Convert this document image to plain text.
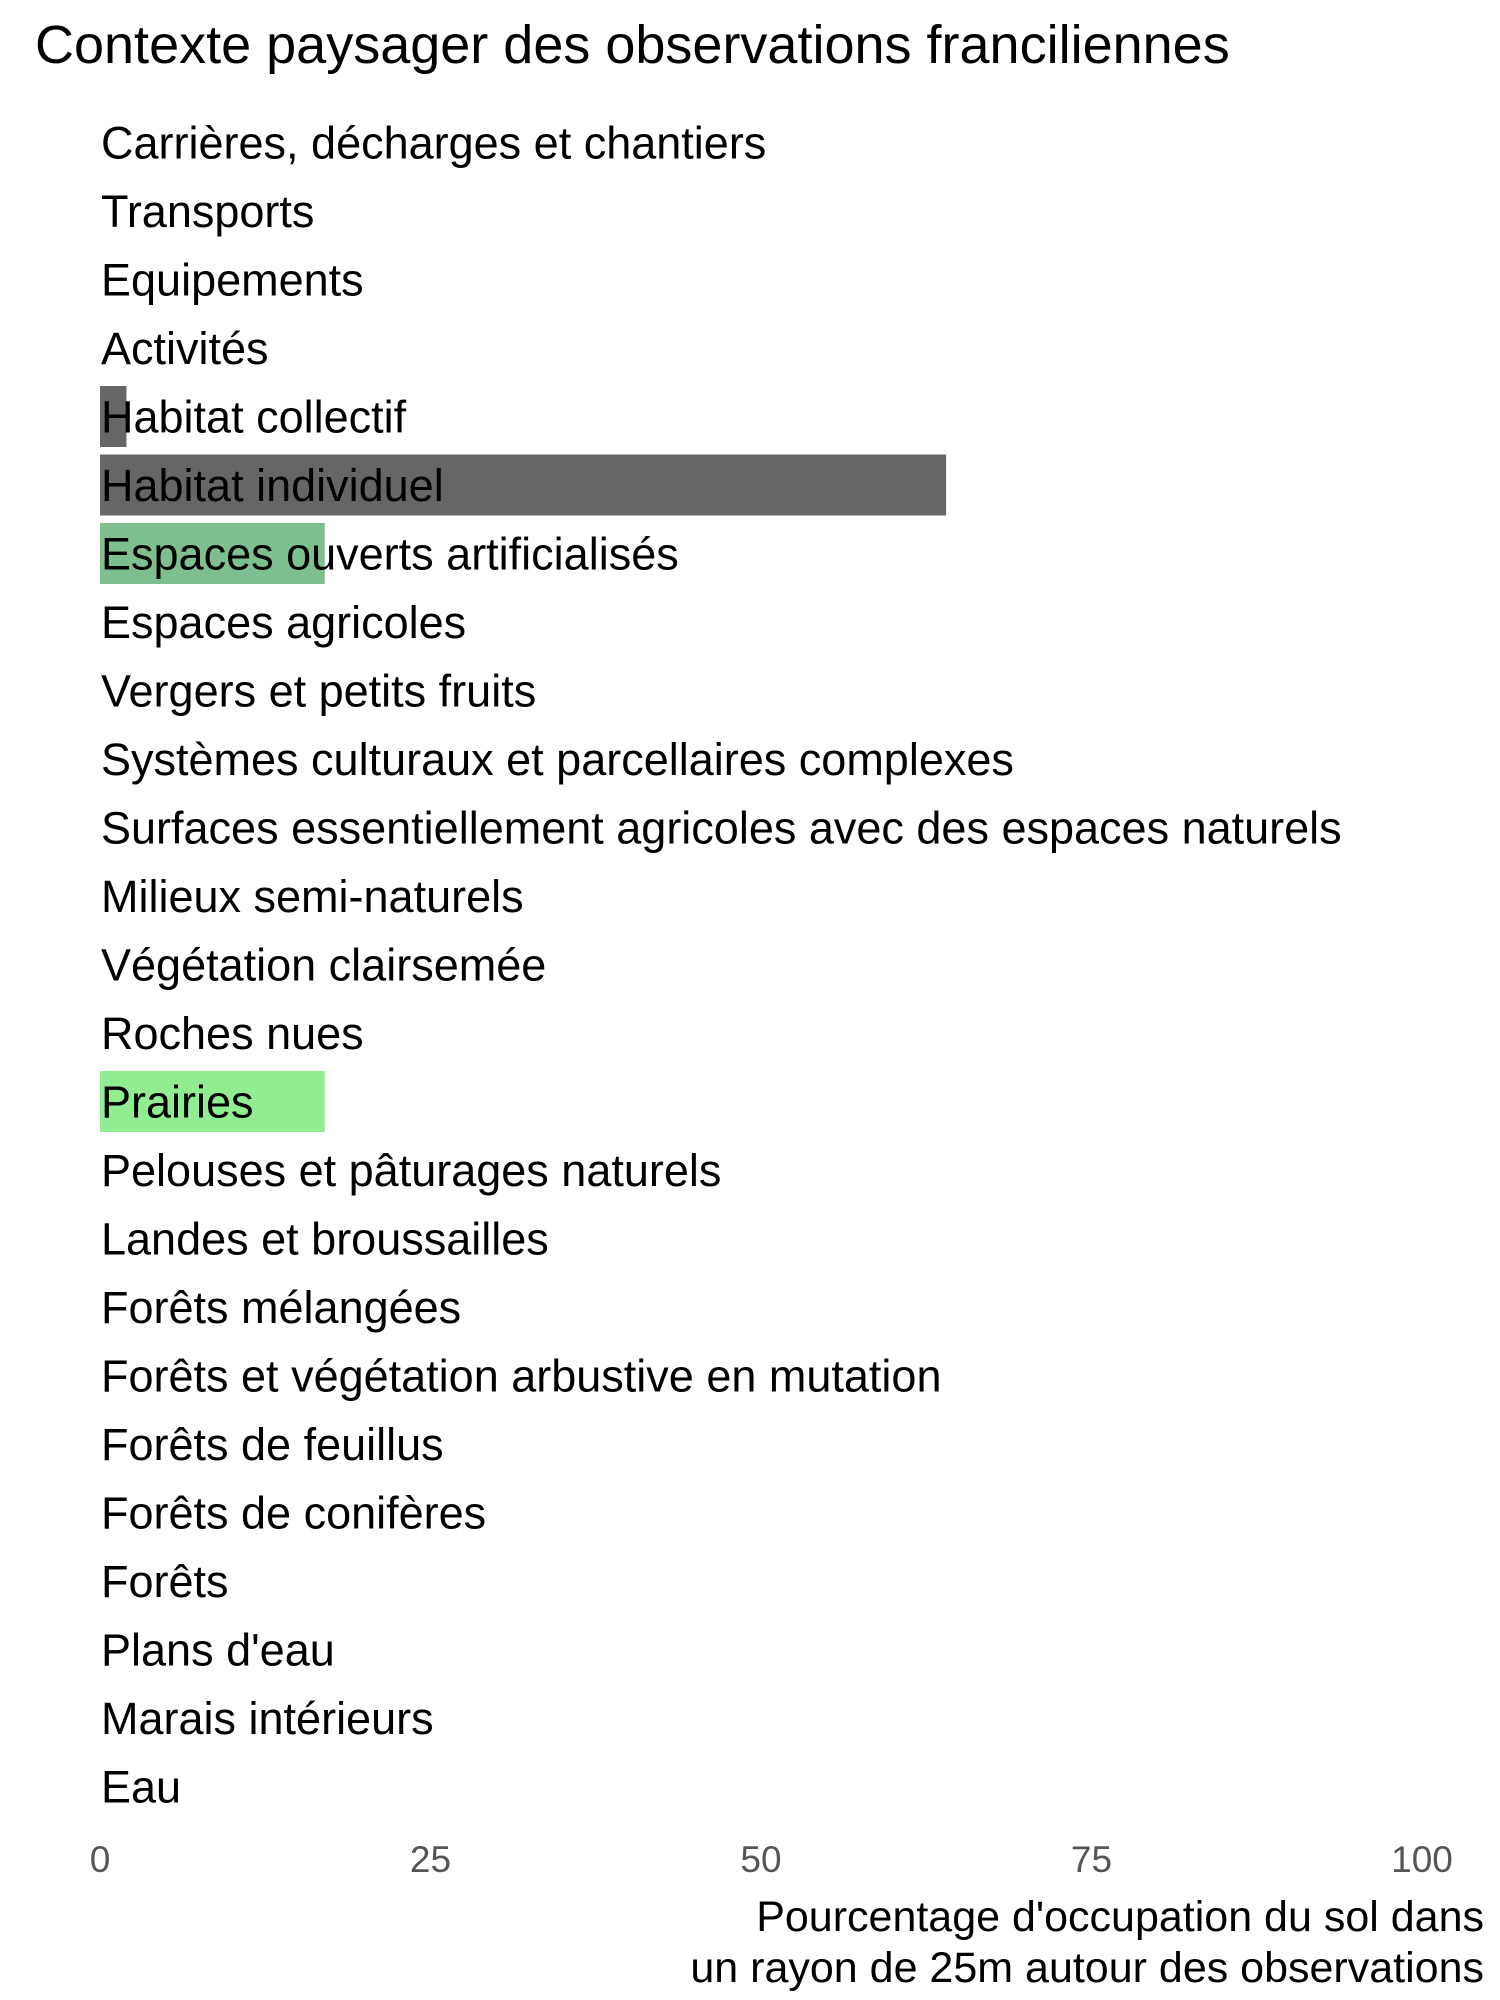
Contexte paysager des observations franciliennes
Carrières, décharges et chantiers
Transports
Equipements
Activités
Habitat collectif
Habitat individuel
Espaces ouverts artificialisés
Espaces agricoles
Vergers et petits fruits
Systèmes culturaux et parcellaires complexes
Surfaces essentiellement agricoles avec des espaces naturels
Milieux semi-naturels
Végétation clairsemée
Roches nues
Prairies
Pelouses et pâturages naturels
Landes et broussailles
Forêts mélangées
Forêts et végétation arbustive en mutation
Forêts de feuillus
Forêts de conifères
Forêts
Plans d'eau
Marais intérieurs
Eau
0	25	50	75	100
Pourcentage d'occupation du sol dans
un rayon de 25m autour des observations
